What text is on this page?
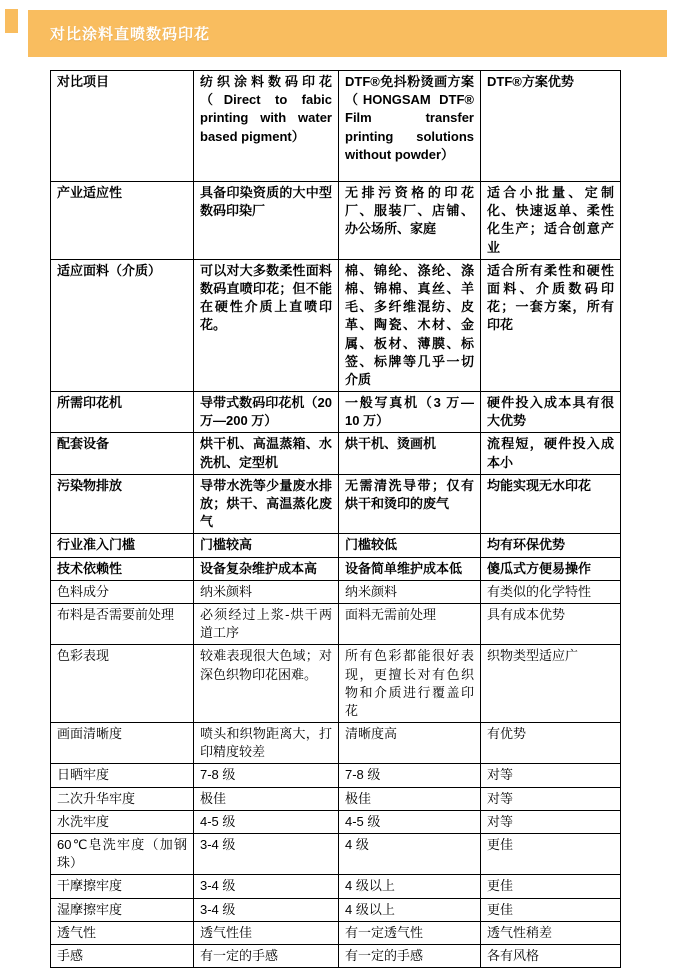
对比涂料直喷数码印花
对比项目	纺织涂料数码印花（Direct to fabic printing with water based pigment）	DTF®免抖粉烫画方案（HONGSAM DTF® Film transfer printing solutions without powder）	DTF®方案优势
产业适应性	具备印染资质的大中型数码印染厂	无排污资格的印花厂、服装厂、店铺、办公场所、家庭	适合小批量、定制化、快速返单、柔性化生产；适合创意产业
适应面料（介质）	可以对大多数柔性面料数码直喷印花；但不能在硬性介质上直喷印花。	棉、锦纶、涤纶、涤棉、锦棉、真丝、羊毛、多纤维混纺、皮革、陶瓷、木材、金属、板材、薄膜、标签、标牌等几乎一切介质	适合所有柔性和硬性面料、介质数码印花；一套方案，所有印花
所需印花机	导带式数码印花机（20 万—200 万）	一般写真机（3 万—10 万）	硬件投入成本具有很大优势
配套设备	烘干机、高温蒸箱、水洗机、定型机	烘干机、烫画机	流程短，硬件投入成本小
污染物排放	导带水洗等少量废水排放；烘干、高温蒸化废气	无需清洗导带；仅有烘干和烫印的废气	均能实现无水印花
行业准入门槛	门槛较高	门槛较低	均有环保优势
技术依赖性	设备复杂维护成本高	设备简单维护成本低	傻瓜式方便易操作
色料成分	纳米颜料	纳米颜料	有类似的化学特性
布料是否需要前处理	必须经过上浆-烘干两道工序	面料无需前处理	具有成本优势
色彩表现	较难表现很大色域；对深色织物印花困难。	所有色彩都能很好表现，更擅长对有色织物和介质进行覆盖印花	织物类型适应广
画面清晰度	喷头和织物距离大，打印精度较差	清晰度高	有优势
日晒牢度	7-8 级	7-8 级	对等
二次升华牢度	极佳	极佳	对等
水洗牢度	4-5 级	4-5 级	对等
60℃皂洗牢度（加钢珠）	3-4 级	4 级	更佳
干摩擦牢度	3-4 级	4 级以上	更佳
湿摩擦牢度	3-4 级	4 级以上	更佳
透气性	透气性佳	有一定透气性	透气性稍差
手感	有一定的手感	有一定的手感	各有风格
